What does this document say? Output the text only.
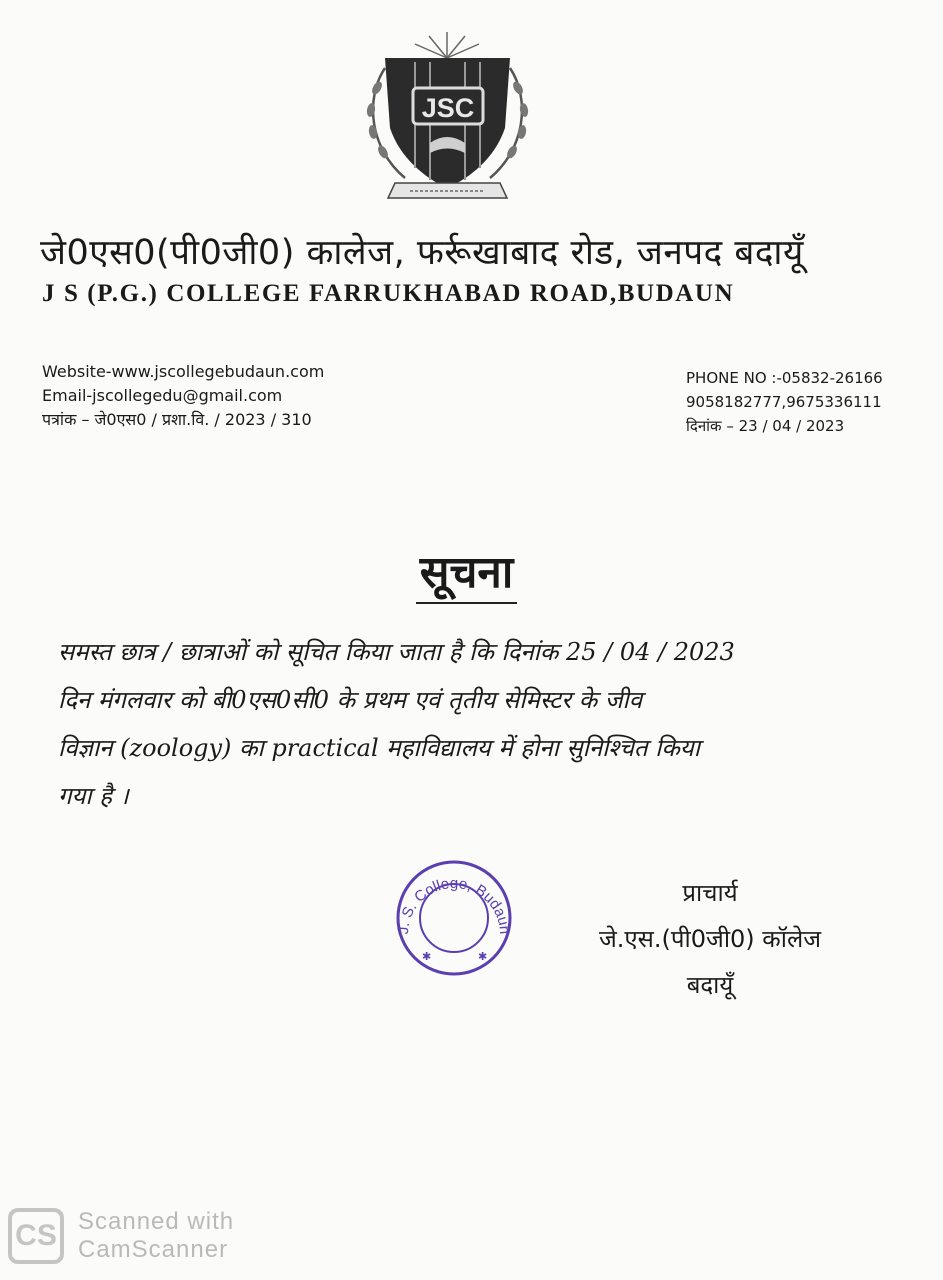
JSC
जे0एस0(पी0जी0) कालेज, फर्रूखाबाद रोड, जनपद बदायूँ
J S (P.G.) COLLEGE FARRUKHABAD ROAD,BUDAUN
Website-www.jscollegebudaun.com
Email-jscollegedu@gmail.com
पत्रांक – जे0एस0 / प्रशा.वि. / 2023 / 310
PHONE NO :-05832-26166
9058182777,9675336111
दिनांक – 23 / 04 / 2023
सूचना

समस्त छात्र / छात्राओं को सूचित किया जाता है कि दिनांक 25 / 04 / 2023

दिन मंगलवार को बी0एस0सी0 के प्रथम एवं तृतीय सेमिस्टर के जीव

विज्ञान (zoology) का practical महाविद्यालय में होना सुनिश्चित किया

गया है ।

J. S. College, Budaun
✱	✱
प्राचार्य
जे.एस.(पी0जी0) कॉलेज
बदायूँ
CS Scanned with
CamScanner
